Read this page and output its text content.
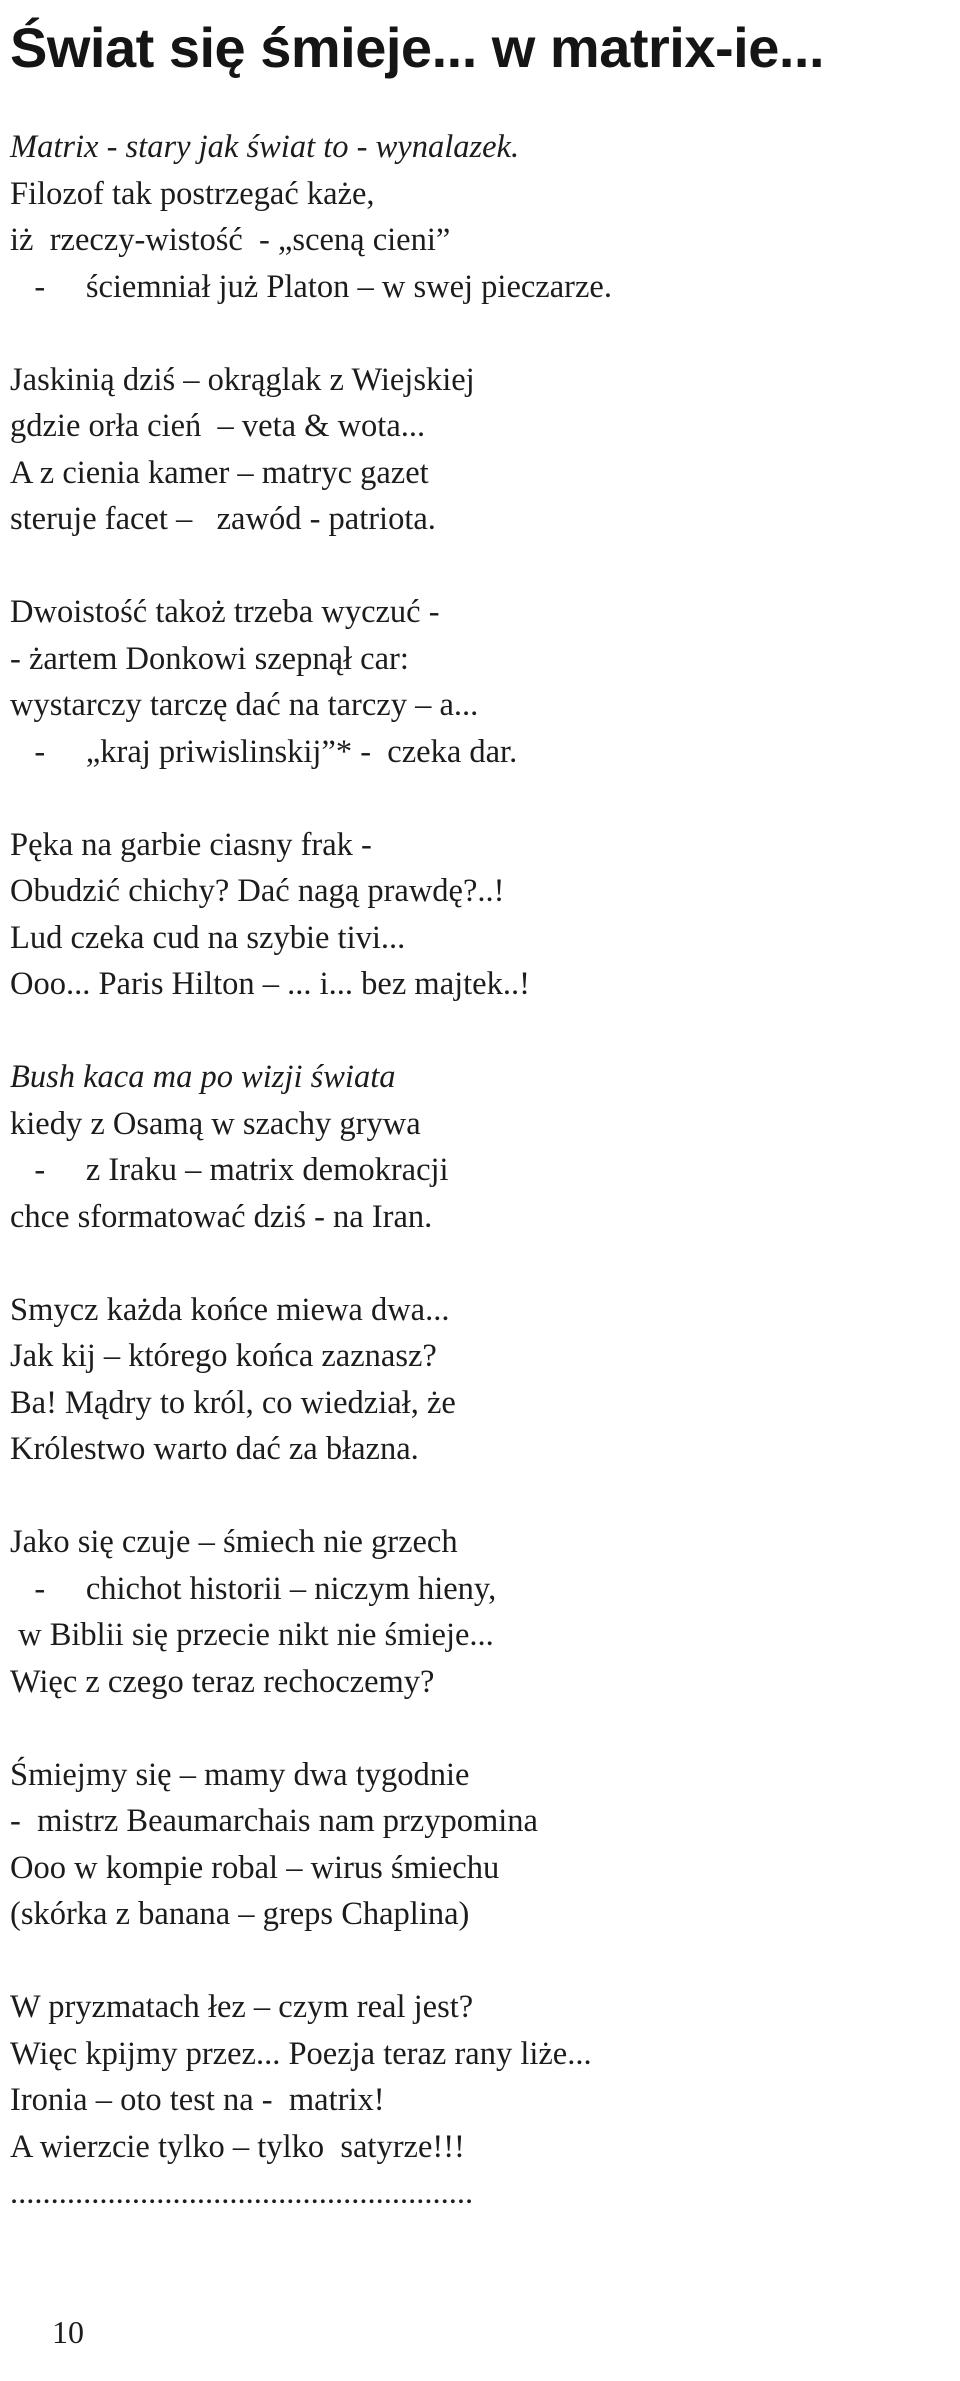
Świat się śmieje... w matrix-ie...
Matrix - stary jak świat to - wynalazek.
Filozof tak postrzegać każe,
iż  rzeczy-wistość  - „sceną cieni”
-     ściemniał już Platon – w swej pieczarze.
Jaskinią dziś – okrąglak z Wiejskiej
gdzie orła cień  – veta & wota...
A z cienia kamer – matryc gazet
steruje facet –   zawód - patriota.
Dwoistość takoż trzeba wyczuć -
- żartem Donkowi szepnął car:
wystarczy tarczę dać na tarczy – a...
-     „kraj priwislinskij”* -  czeka dar.
Pęka na garbie ciasny frak -
Obudzić chichy? Dać nagą prawdę?..!
Lud czeka cud na szybie tivi...
Ooo... Paris Hilton – ... i... bez majtek..!
Bush kaca ma po wizji świata
kiedy z Osamą w szachy grywa
-     z Iraku – matrix demokracji
chce sformatować dziś - na Iran.
Smycz każda końce miewa dwa...
Jak kij – którego końca zaznasz?
Ba! Mądry to król, co wiedział, że
Królestwo warto dać za błazna.
Jako się czuje – śmiech nie grzech
-     chichot historii – niczym hieny,
w Biblii się przecie nikt nie śmieje...
Więc z czego teraz rechoczemy?
Śmiejmy się – mamy dwa tygodnie
-  mistrz Beaumarchais nam przypomina
Ooo w kompie robal – wirus śmiechu
(skórka z banana – greps Chaplina)
W pryzmatach łez – czym real jest?
Więc kpijmy przez... Poezja teraz rany liże...
Ironia – oto test na -  matrix!
A wierzcie tylko – tylko  satyrze!!!
.........................................................
10
